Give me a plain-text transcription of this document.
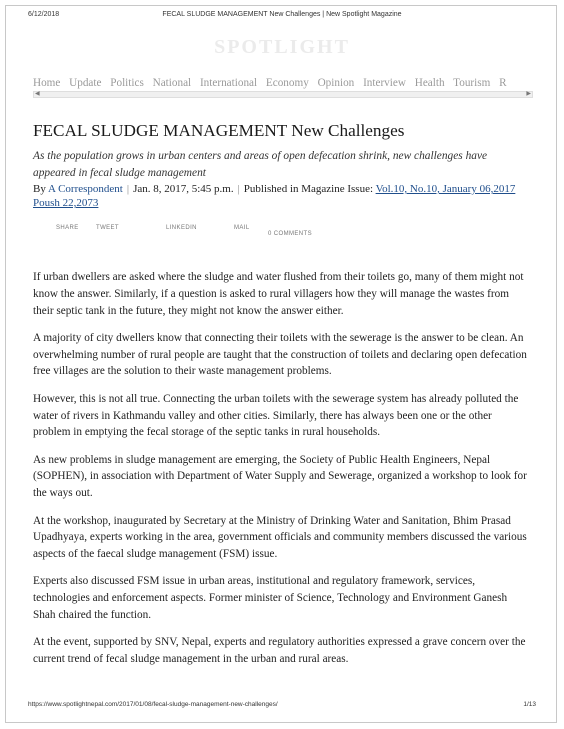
6/12/2018	FECAL SLUDGE MANAGEMENT New Challenges | New Spotlight Magazine
SPOTLIGHT
Home Update Politics National International Economy Opinion Interview Health Tourism R
◀	▶
FECAL SLUDGE MANAGEMENT New Challenges

As the population grows in urban centers and areas of open defecation shrink, new challenges have appeared in fecal sludge management

By A Correspondent | Jan. 8, 2017, 5:45 p.m. | Published in Magazine Issue: Vol.10, No.10, January 06,2017 Poush 22,2073

SHARE	TWEET	LINKEDIN	MAIL
0 COMMENTS

If urban dwellers are asked where the sludge and water flushed from their toilets go, many of them might not know the answer. Similarly, if a question is asked to rural villagers how they will manage the wastes from their septic tank in the future, they might not know the answer either.

A majority of city dwellers know that connecting their toilets with the sewerage is the answer to be clean. An overwhelming number of rural people are taught that the construction of toilets and declaring open defecation free villages are the solution to their waste management problems.

However, this is not all true. Connecting the urban toilets with the sewerage system has already polluted the water of rivers in Kathmandu valley and other cities. Similarly, there has always been one or the other problem in emptying the fecal storage of the septic tanks in rural households.

As new problems in sludge management are emerging, the Society of Public Health Engineers, Nepal (SOPHEN), in association with Department of Water Supply and Sewerage, organized a workshop to look for the ways out.

At the workshop, inaugurated by Secretary at the Ministry of Drinking Water and Sanitation, Bhim Prasad Upadhyaya, experts working in the area, government officials and community members discussed the various aspects of the faecal sludge management (FSM) issue.

Experts also discussed FSM issue in urban areas, institutional and regulatory framework, services, technologies and enforcement aspects. Former minister of Science, Technology and Environment Ganesh Shah chaired the function.

At the event, supported by SNV, Nepal, experts and regulatory authorities expressed a grave concern over the current trend of fecal sludge management in the urban and rural areas.

https://www.spotlightnepal.com/2017/01/08/fecal-sludge-management-new-challenges/	1/13
